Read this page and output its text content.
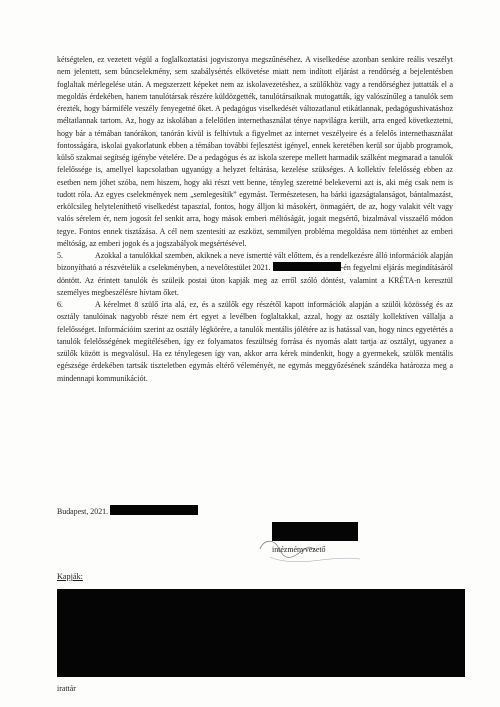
kétségtelen, ez vezetett végül a foglalkoztatási jogviszonya megszűnéséhez. A viselkedése azonban senkire reális veszélyt nem jelentett, sem bűncselekmény, sem szabálysértés elkövetése miatt nem indított eljárást a rendőrség a bejelentésben foglaltak mérlegelése után. A megszerzett képeket nem az iskolavezetéshez, a szülőkhöz vagy a rendőrséghez juttatták el a megoldás érdekében, hanem tanulótársak részére küldözgették, tanulótársaiknak mutogatták, így valószínűleg a tanulók sem érezték, hogy bármiféle veszély fenyegetné őket. A pedagógus viselkedését változatlanul etikátlannak, pedagógushivatáshoz méltatlannak tartom. Az, hogy az iskolában a felelőtlen internethasználat ténye napvilágra került, arra enged következtetni, hogy bár a témában tanórákon, tanórán kívül is felhívtuk a figyelmet az internet veszélyeire és a felelős internethasználat fontosságára, iskolai gyakorlatunk ebben a témában további fejlesztést igényel, ennek keretében kerül sor újabb programok, külső szakmai segítség igénybe vételére. De a pedagógus és az iskola szerepe mellett harmadik szálként megmarad a tanulók felelőssége is, amellyel kapcsolatban ugyanúgy a helyzet feltárása, kezelése szükséges. A kollektív felelősség ebben az esetben nem jöhet szóba, nem hiszem, hogy aki részt vett benne, tényleg szeretné belekeverni azt is, aki még csak nem is tudott róla. Az egyes cselekmények nem „semlegesítik” egymást. Természetesen, ha bárki igazságtalanságot, bántalmazást, erkölcsileg helyteleníthető viselkedést tapasztal, fontos, hogy álljon ki másokért, önmagáért, de az, hogy valakit vélt vagy valós sérelem ér, nem jogosít fel senkit arra, hogy mások emberi méltóságát, jogait megsértő, bizalmával visszaélő módon tegye. Fontos ennek tisztázása. A cél nem szentesíti az eszközt, semmilyen probléma megoldása nem történhet az emberi méltóság, az emberi jogok és a jogszabályok megsértésével.

5.	Azokkal a tanulókkal szemben, akiknek a neve ismertté vált előttem, és a rendelkezésre álló információk alapján bizonyítható a részvételük a cselekményben, a nevelőtestület 2021.	-én fegyelmi eljárás megindításáról döntött. Az érintett tanulók és szüleik postai úton kapják meg az erről szóló döntést, valamint a KRÉTA-n keresztül személyes megbeszélésre hívtam őket.

6.	A kérelmet 8 szülő írta alá, ez, és a szülők egy részétől kapott információk alapján a szülői közösség és az osztály tanulóinak nagyobb része nem ért egyet a levélben foglaltakkal, azzal, hogy az osztály kollektíven vállalja a felelősséget. Információim szerint az osztály légkörére, a tanulók mentális jólétére az is hatással van, hogy nincs egyetértés a tanulók felelősségének megítélésében, így ez folyamatos feszültség forrása és nyomás alatt tartja az osztályt, ugyanez a szülők között is megvalósul. Ha ez ténylegesen így van, akkor arra kérek mindenkit, hogy a gyermekek, szülők mentális egészsége érdekében tartsák tiszteletben egymás eltérő véleményét, ne egymás meggyőzésének szándéka határozza meg a mindennapi kommunikációt.

Budapest, 2021.
intézményvezető
Kapják:
irattár
